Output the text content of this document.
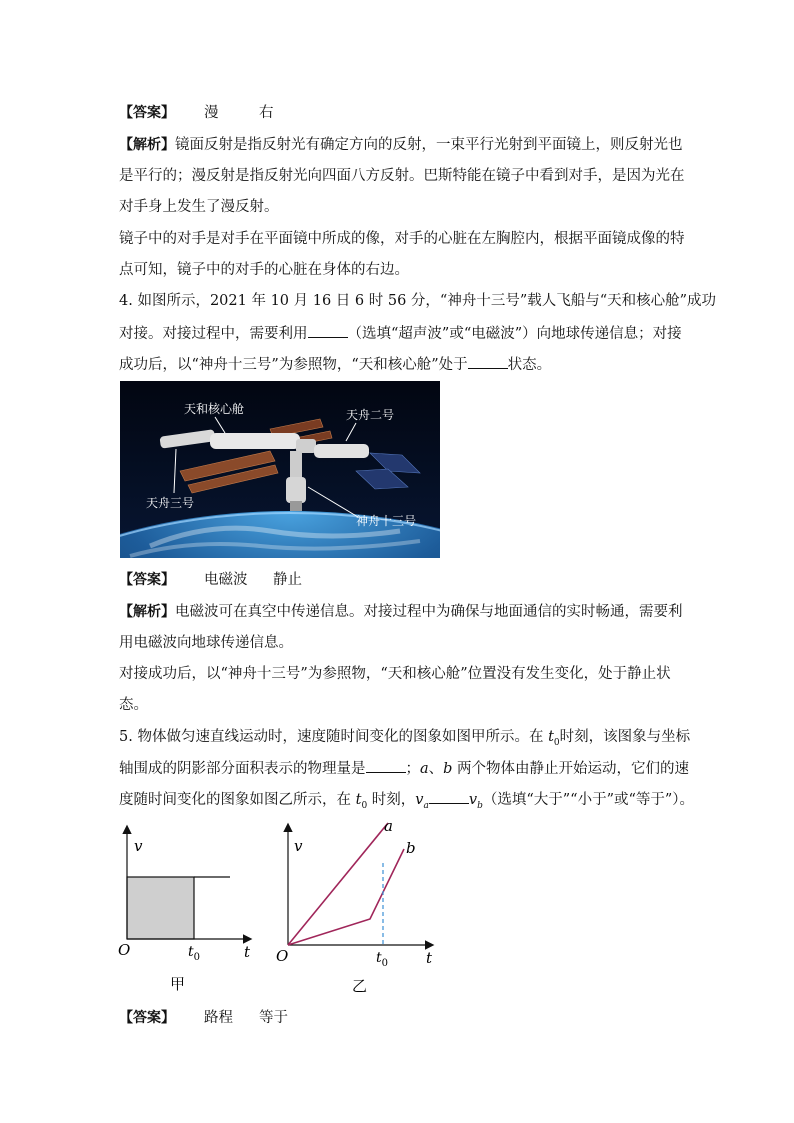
【答案】 漫	右
【解析】镜面反射是指反射光有确定方向的反射，一束平行光射到平面镜上，则反射光也
是平行的；漫反射是指反射光向四面八方反射。巴斯特能在镜子中看到对手，是因为光在
对手身上发生了漫反射。
镜子中的对手是对手在平面镜中所成的像，对手的心脏在左胸腔内，根据平面镜成像的特
点可知，镜子中的对手的心脏在身体的右边。
4. 如图所示，2021 年 10 月 16 日 6 时 56 分，“神舟十三号”载人飞船与“天和核心舱”成功
对接。对接过程中，需要利用	（选填“超声波”或“电磁波”）向地球传递信息；对接
成功后，以“神舟十三号”为参照物，“天和核心舱”处于	状态。
天和核心舱	天舟二号
天舟三号
神舟十三号
【答案】 电磁波 静止
【解析】电磁波可在真空中传递信息。对接过程中为确保与地面通信的实时畅通，需要利
用电磁波向地球传递信息。
对接成功后，以“神舟十三号”为参照物，“天和核心舱”位置没有发生变化，处于静止状
态。
5. 物体做匀速直线运动时，速度随时间变化的图象如图甲所示。在 $t_0$时刻，该图象与坐标
轴围成的阴影部分面积表示的物理量是	；a、b 两个物体由静止开始运动，它们的速
度随时间变化的图象如图乙所示，在 $t_0$ 时刻，$v_a$	$v_b$（选填“大于”“小于”或“等于”）。
v
t
O	$t_0$
甲
v
t
O	$t_0$
a
b
乙
【答案】 路程 等于
